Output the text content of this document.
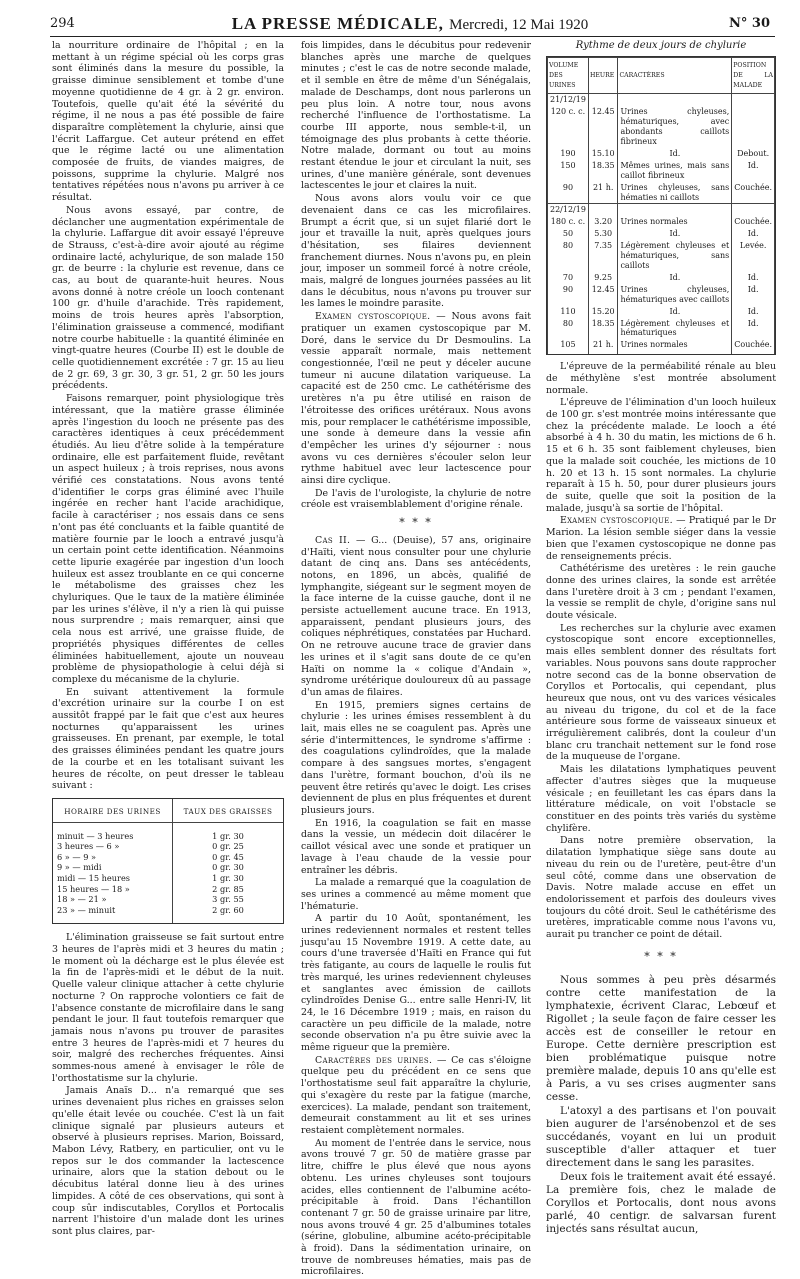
294	LA PRESSE MÉDICALE, Mercredi, 12 Mai 1920	N° 30

la nourriture ordinaire de l'hôpital ; en la mettant à un régime spécial où les corps gras sont éliminés dans la mesure du possible, la graisse diminue sensiblement et tombe d'une moyenne quotidienne de 4 gr. à 2 gr. environ. Toutefois, quelle qu'ait été la sévérité du régime, il ne nous a pas été possible de faire disparaître complètement la chylurie, ainsi que l'écrit Laffargue. Cet auteur prétend en effet que le régime lacté ou une alimentation composée de fruits, de viandes maigres, de poissons, supprime la chylurie. Malgré nos tentatives répétées nous n'avons pu arriver à ce résultat.

Nous avons essayé, par contre, de déclancher une augmentation expérimentale de la chylurie. Laffargue dit avoir essayé l'épreuve de Strauss, c'est-à-dire avoir ajouté au régime ordinaire lacté, achylurique, de son malade 150 gr. de beurre : la chylurie est revenue, dans ce cas, au bout de quarante-huit heures. Nous avons donné à notre créole un looch contenant 100 gr. d'huile d'arachide. Très rapidement, moins de trois heures après l'absorption, l'élimination graisseuse a commencé, modifiant notre courbe habituelle : la quantité éliminée en vingt-quatre heures (Courbe II) est le double de celle quotidiennement excrétée : 7 gr. 15 au lieu de 2 gr. 69, 3 gr. 30, 3 gr. 51, 2 gr. 50 les jours précédents.

Faisons remarquer, point physiologique très intéressant, que la matière grasse éliminée après l'ingestion du looch ne présente pas des caractères identiques à ceux précédemment étudiés. Au lieu d'être solide à la température ordinaire, elle est parfaitement fluide, revêtant un aspect huileux ; à trois reprises, nous avons vérifié ces constatations. Nous avons tenté d'identifier le corps gras éliminé avec l'huile ingérée en recher hant l'acide arachidique, facile à caractériser ; nos essais dans ce sens n'ont pas été concluants et la faible quantité de matière fournie par le looch a entravé jusqu'à un certain point cette identification. Néanmoins cette lipurie exagérée par ingestion d'un looch huileux est assez troublante en ce qui concerne le métabolisme des graisses chez les chyluriques. Que le taux de la matière éliminée par les urines s'élève, il n'y a rien là qui puisse nous surprendre ; mais remarquer, ainsi que cela nous est arrivé, une graisse fluide, de propriétés physiques différentes de celles éliminées habituellement, ajoute un nouveau problème de physiopathologie à celui déjà si complexe du mécanisme de la chylurie.

En suivant attentivement la formule d'excrétion urinaire sur la courbe I on est aussitôt frappé par le fait que c'est aux heures nocturnes qu'apparaissent les urines graisseuses. En prenant, par exemple, le total des graisses éliminées pendant les quatre jours de la courbe et en les totalisant suivant les heures de récolte, on peut dresser le tableau suivant :

HORAIRE DES URINES	TAUX DES GRAISSES
minuit — 3 heures	1 gr. 30
3 heures — 6 »	0 gr. 25
6 » — 9 »	0 gr. 45
9 » — midi	0 gr. 30
midi — 15 heures	1 gr. 30
15 heures — 18 »	2 gr. 85
18 » — 21 »	3 gr. 55
23 » — minuit	2 gr. 60

L'élimination graisseuse se fait surtout entre 3 heures de l'après midi et 3 heures du matin ; le moment où la décharge est le plus élevée est la fin de l'après-midi et le début de la nuit. Quelle valeur clinique attacher à cette chylurie nocturne ? On rapproche volontiers ce fait de l'absence constante de microfilaire dans le sang pendant le jour. Il faut toutefois remarquer que jamais nous n'avons pu trouver de parasites entre 3 heures de l'après-midi et 7 heures du soir, malgré des recherches fréquentes. Ainsi sommes-nous amené à envisager le rôle de l'orthostatisme sur la chylurie.

Jamais Anaïs D... n'a remarqué que ses urines devenaient plus riches en graisses selon qu'elle était levée ou couchée. C'est là un fait clinique signalé par plusieurs auteurs et observé à plusieurs reprises. Marion, Boissard, Mabon Lévy, Ratbery, en particulier, ont vu le repos sur le dos commander la lactescence urinaire, alors que la station debout ou le décubitus latéral donne lieu à des urines limpides. A côté de ces observations, qui sont à coup sûr indiscutables, Coryllos et Portocalis narrent l'histoire d'un malade dont les urines sont plus claires, par-

fois limpides, dans le décubitus pour redevenir blanches après une marche de quelques minutes ; c'est le cas de notre seconde malade, et il semble en être de même d'un Sénégalais, malade de Deschamps, dont nous parlerons un peu plus loin. A notre tour, nous avons recherché l'influence de l'orthostatisme. La courbe III apporte, nous semble-t-il, un témoignage des plus probants à cette théorie. Notre malade, dormant ou tout au moins restant étendue le jour et circulant la nuit, ses urines, d'une manière générale, sont devenues lactescentes le jour et claires la nuit.

Nous avons alors voulu voir ce que devenaient dans ce cas les microfilaires. Brumpt a écrit que, si un sujet filarié dort le jour et travaille la nuit, après quelques jours d'hésitation, ses filaires deviennent franchement diurnes. Nous n'avons pu, en plein jour, imposer un sommeil forcé à notre créole, mais, malgré de longues journées passées au lit dans le décubitus, nous n'avons pu trouver sur les lames le moindre parasite.

Examen cystoscopique. — Nous avons fait pratiquer un examen cystoscopique par M. Doré, dans le service du Dr Desmoulins. La vessie apparaît normale, mais nettement congestionnée, l'œil ne peut y déceler aucune tumeur ni aucune dilatation variqueuse. La capacité est de 250 cmc. Le cathétérisme des uretères n'a pu être utilisé en raison de l'étroitesse des orifices urétéraux. Nous avons mis, pour remplacer le cathétérisme impossible, une sonde à demeure dans la vessie afin d'empêcher les urines d'y séjourner : nous avons vu ces dernières s'écouler selon leur rythme habituel avec leur lactescence pour ainsi dire cyclique.

De l'avis de l'urologiste, la chylurie de notre créole est vraisemblablement d'origine rénale.

* * *

Cas II. — G... (Deuise), 57 ans, originaire d'Haïti, vient nous consulter pour une chylurie datant de cinq ans. Dans ses antécédents, notons, en 1896, un abcès, qualifié de lymphangite, siégeant sur le segment moyen de la face interne de la cuisse gauche, dont il ne persiste actuellement aucune trace. En 1913, apparaissent, pendant plusieurs jours, des coliques néphrétiques, constatées par Huchard. On ne retrouve aucune trace de gravier dans les urines et il s'agit sans doute de ce qu'en Haïti on nomme la « colique d'Andain », syndrome urétérique douloureux dû au passage d'un amas de filaires.

En 1915, premiers signes certains de chylurie : les urines émises ressemblent à du lait, mais elles ne se coagulent pas. Après une série d'intermittences, le syndrome s'affirme : des coagulations cylindroïdes, que la malade compare à des sangsues mortes, s'engagent dans l'urètre, formant bouchon, d'où ils ne peuvent être retirés qu'avec le doigt. Les crises deviennent de plus en plus fréquentes et durent plusieurs jours.

En 1916, la coagulation se fait en masse dans la vessie, un médecin doit dilacérer le caillot vésical avec une sonde et pratiquer un lavage à l'eau chaude de la vessie pour entraîner les débris.

La malade a remarqué que la coagulation de ses urines a commencé au même moment que l'hématurie.

A partir du 10 Août, spontanément, les urines redeviennent normales et restent telles jusqu'au 15 Novembre 1919. A cette date, au cours d'une traversée d'Haïti en France qui fut très fatigante, au cours de laquelle le roulis fut très marqué, les urines redeviennent chyleuses et sanglantes avec émission de caillots cylindroïdes Denise G... entre salle Henri-IV, lit 24, le 16 Décembre 1919 ; mais, en raison du caractère un peu difficile de la malade, notre seconde observation n'a pu être suivie avec la même rigueur que la première.

Caractères des urines. — Ce cas s'éloigne quelque peu du précédent en ce sens que l'orthostatisme seul fait apparaître la chylurie, qui s'exagère du reste par la fatigue (marche, exercices). La malade, pendant son traitement, demeurait constamment au lit et ses urines restaient complètement normales.

Au moment de l'entrée dans le service, nous avons trouvé 7 gr. 50 de matière grasse par litre, chiffre le plus élevé que nous ayons obtenu. Les urines chyleuses sont toujours acides, elles contiennent de l'albumine acéto-précipitable à froid. Dans l'échantillon contenant 7 gr. 50 de graisse urinaire par litre, nous avons trouvé 4 gr. 25 d'albumines totales (sérine, globuline, albumine acéto-précipitable à froid). Dans la sédimentation urinaire, on trouve de nombreuses hématies, mais pas de microfilaires.

Rythme de deux jours de chylurie
VOLUME DES URINES	HEURE	CARACTÈRES	POSITION DE LA MALADE
21/12/19			
120 c. c.	12.45	Urines chyleuses, hématuriques, avec abondants caillots fibrineux	
190	15.10	Id.	Debout.
150	18.35	Mêmes urines, mais sans caillot fibrineux	Id.
90	21 h.	Urines chyleuses, sans hématies ni caillots	Couchée.
22/12/19			
180 c. c.	3.20	Urines normales	Couchée.
50	5.30	Id.	Id.
80	7.35	Légèrement chyleuses et hématuriques, sans caillots	Levée.
70	9.25	Id.	Id.
90	12.45	Urines chyleuses, hématuriques avec caillots	Id.
110	15.20	Id.	Id.
80	18.35	Légèrement chyleuses et hématuriques	Id.
105	21 h.	Urines normales	Couchée.

L'épreuve de la perméabilité rénale au bleu de méthylène s'est montrée absolument normale.

L'épreuve de l'élimination d'un looch huileux de 100 gr. s'est montrée moins intéressante que chez la précédente malade. Le looch a été absorbé à 4 h. 30 du matin, les mictions de 6 h. 15 et 6 h. 35 sont faiblement chyleuses, bien que la malade soit couchée, les mictions de 10 h. 20 et 13 h. 15 sont normales. La chylurie reparaît à 15 h. 50, pour durer plusieurs jours de suite, quelle que soit la position de la malade, jusqu'à sa sortie de l'hôpital.

Examen cystoscopique. — Pratiqué par le Dr Marion. La lésion semble siéger dans la vessie bien que l'examen cystoscopique ne donne pas de renseignements précis.

Cathétérisme des uretères : le rein gauche donne des urines claires, la sonde est arrêtée dans l'uretère droit à 3 cm ; pendant l'examen, la vessie se remplit de chyle, d'origine sans nul doute vésicale.

Les recherches sur la chylurie avec examen cystoscopique sont encore exceptionnelles, mais elles semblent donner des résultats fort variables. Nous pouvons sans doute rapprocher notre second cas de la bonne observation de Coryllos et Portocalis, qui cependant, plus heureux que nous, ont vu des varices vésicales au niveau du trigone, du col et de la face antérieure sous forme de vaisseaux sinueux et irrégulièrement calibrés, dont la couleur d'un blanc cru tranchait nettement sur le fond rose de la muqueuse de l'organe.

Mais les dilatations lymphatiques peuvent affecter d'autres sièges que la muqueuse vésicale ; en feuilletant les cas épars dans la littérature médicale, on voit l'obstacle se constituer en des points très variés du système chylifère.

Dans notre première observation, la dilatation lymphatique siège sans doute au niveau du rein ou de l'uretère, peut-être d'un seul côté, comme dans une observation de Davis. Notre malade accuse en effet un endolorissement et parfois des douleurs vives toujours du côté droit. Seul le cathétérisme des uretères, impraticable comme nous l'avons vu, aurait pu trancher ce point de détail.

* * *

Nous sommes à peu près désarmés contre cette manifestation de la lymphatexie, écrivent Clarac, Lebœuf et Rigollet ; la seule façon de faire cesser les accès est de conseiller le retour en Europe. Cette dernière prescription est bien problématique puisque notre première malade, depuis 10 ans qu'elle est à Paris, a vu ses crises augmenter sans cesse.

L'atoxyl a des partisans et l'on pouvait bien augurer de l'arsénobenzol et de ses succédanés, voyant en lui un produit susceptible d'aller attaquer et tuer directement dans le sang les parasites.

Deux fois le traitement avait été essayé. La première fois, chez le malade de Coryllos et Portocalis, dont nous avons parlé, 40 centigr. de salvarsan furent injectés sans résultat aucun,
